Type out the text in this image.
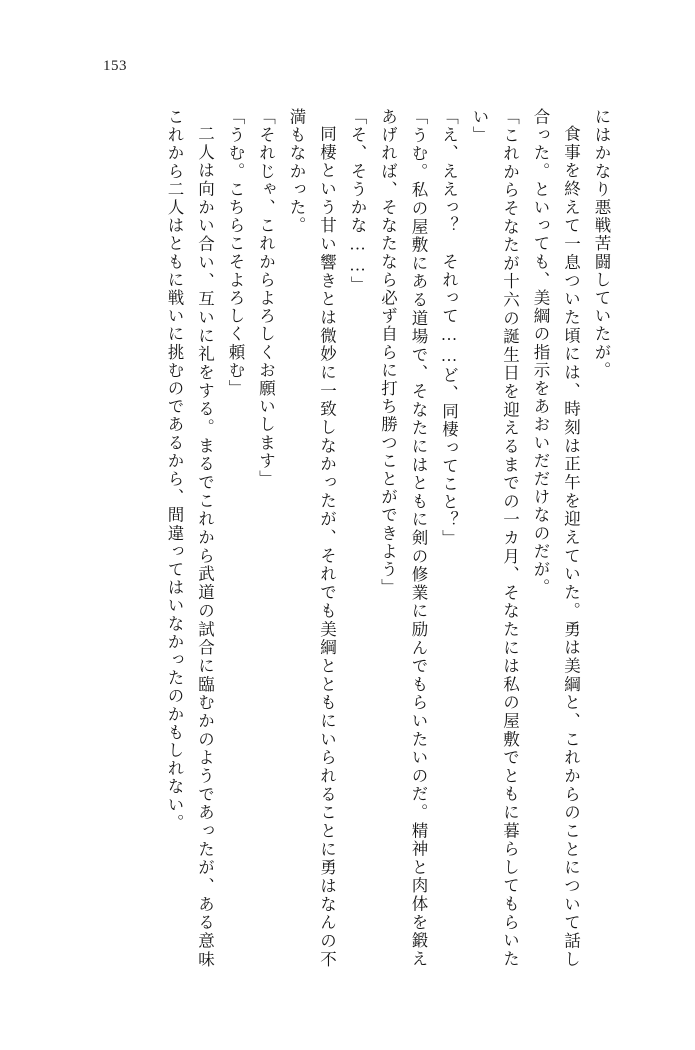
153

にはかなり悪戦苦闘していたが。

食事を終えて一息ついた頃には、時刻は正午を迎えていた。勇は美綱と、これからのことについて話し合った。といっても、美綱の指示をあおいだだけなのだが。

「これからそなたが十六の誕生日を迎えるまでの一カ月、そなたには私の屋敷でともに暮らしてもらいたい」

「え、ええっ？　それって……ど、同棲ってこと？」

「うむ。私の屋敷にある道場で、そなたにはともに剣の修業に励んでもらいたいのだ。精神と肉体を鍛えあげれば、そなたなら必ず自らに打ち勝つことができよう」

「そ、そうかな……」

同棲という甘い響きとは微妙に一致しなかったが、それでも美綱とともにいられることに勇はなんの不満もなかった。

「それじゃ、これからよろしくお願いします」

「うむ。こちらこそよろしく頼む」

二人は向かい合い、互いに礼をする。まるでこれから武道の試合に臨むかのようであったが、ある意味これから二人はともに戦いに挑むのであるから、間違ってはいなかったのかもしれない。
